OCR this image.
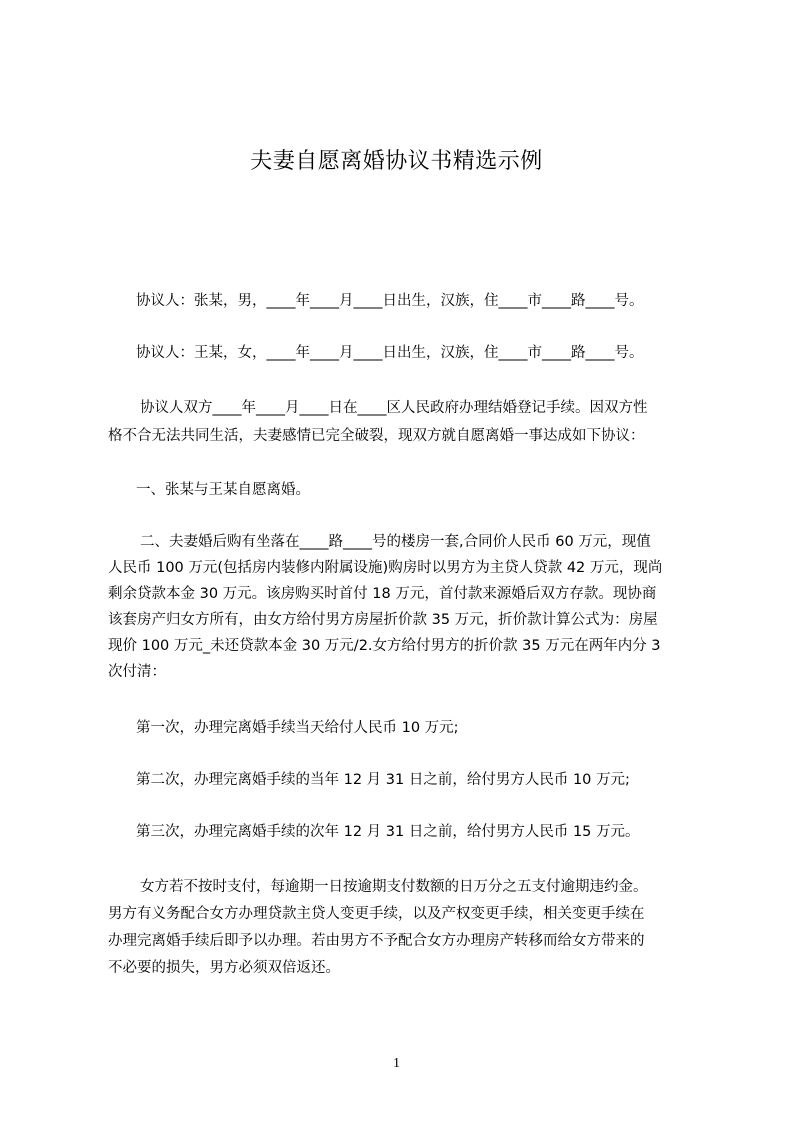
夫妻自愿离婚协议书精选示例
协议人：张某，男，____年____月____日出生，汉族，住____市____路____号。
协议人：王某，女，____年____月____日出生，汉族，住____市____路____号。
协议人双方____年____月____日在____区人民政府办理结婚登记手续。因双方性
格不合无法共同生活，夫妻感情已完全破裂，现双方就自愿离婚一事达成如下协议：
一、张某与王某自愿离婚。
二、夫妻婚后购有坐落在____路____号的楼房一套,合同价人民币 60 万元，现值
人民币 100 万元(包括房内装修内附属设施)购房时以男方为主贷人贷款 42 万元，现尚
剩余贷款本金 30 万元。该房购买时首付 18 万元，首付款来源婚后双方存款。现协商
该套房产归女方所有，由女方给付男方房屋折价款 35 万元，折价款计算公式为：房屋
现价 100 万元_未还贷款本金 30 万元/2.女方给付男方的折价款 35 万元在两年内分 3
次付清：
第一次，办理完离婚手续当天给付人民币 10 万元;
第二次，办理完离婚手续的当年 12 月 31 日之前，给付男方人民币 10 万元;
第三次，办理完离婚手续的次年 12 月 31 日之前，给付男方人民币 15 万元。
女方若不按时支付，每逾期一日按逾期支付数额的日万分之五支付逾期违约金。
男方有义务配合女方办理贷款主贷人变更手续，以及产权变更手续，相关变更手续在
办理完离婚手续后即予以办理。若由男方不予配合女方办理房产转移而给女方带来的
不必要的损失，男方必须双倍返还。
1
